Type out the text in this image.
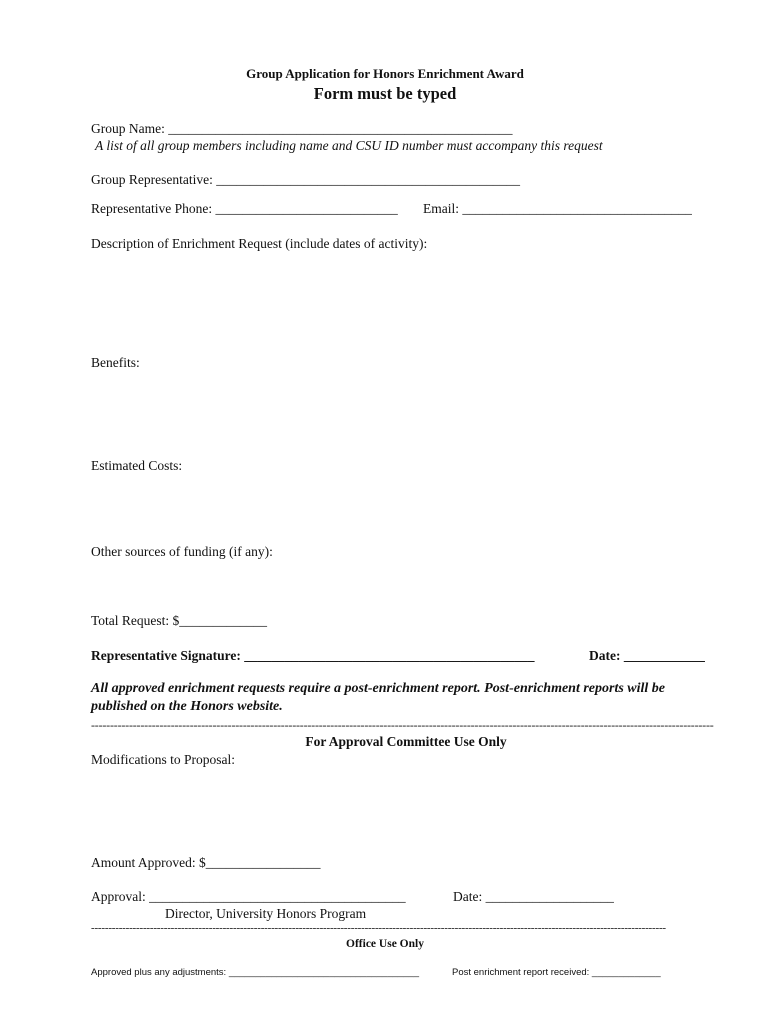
Group Application for Honors Enrichment Award
Form must be typed
Group Name: ___________________________________________________
A list of all group members including name and CSU ID number must accompany this request
Group Representative: _____________________________________________
Representative Phone: ___________________________ Email: __________________________________
Description of Enrichment Request (include dates of activity):
Benefits:
Estimated Costs:
Other sources of funding (if any):
Total Request: $_____________
Representative Signature: ___________________________________________	Date: ____________
All approved enrichment requests require a post-enrichment report. Post-enrichment reports will be
published on the Honors website.
--------------------------------------------------------------------------------------------------------------------------------------------------------------------
For Approval Committee Use Only
Modifications to Proposal:
Amount Approved: $_________________
Approval: ______________________________________	Date: ___________________
Director, University Honors Program
----------------------------------------------------------------------------------------------------------------------------------------------------------------------
Office Use Only
Approved plus any adjustments: ____________________________________	Post enrichment report received: _____________
